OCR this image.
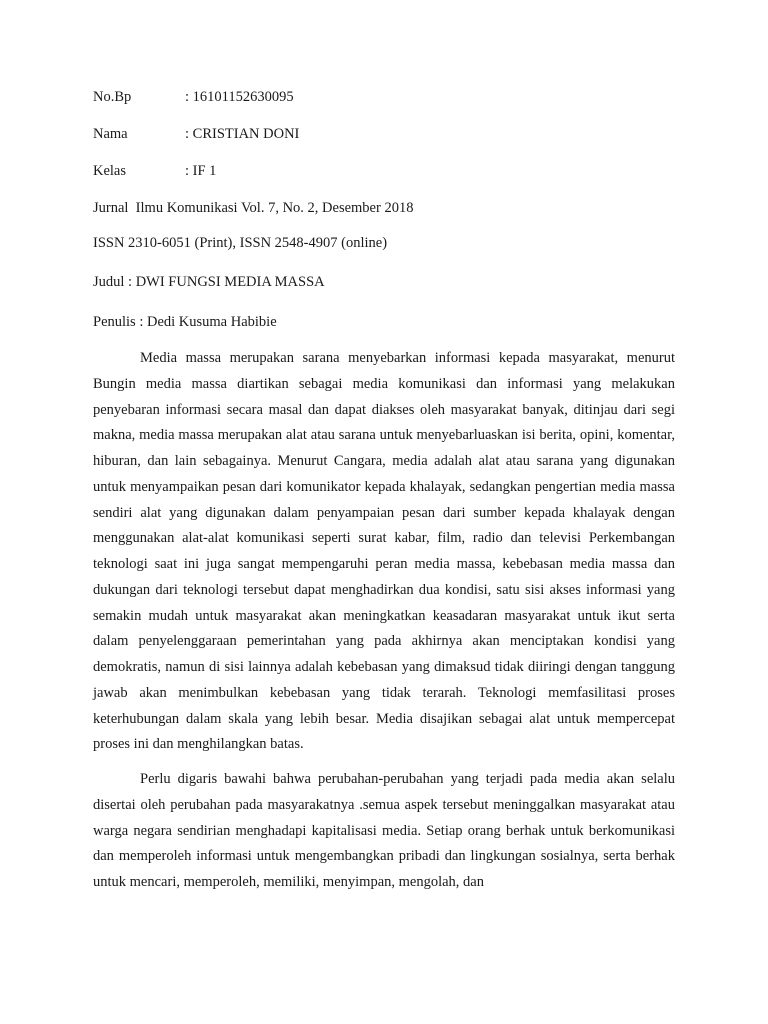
No.Bp	: 16101152630095
Nama	: CRISTIAN DONI
Kelas	: IF 1
Jurnal  Ilmu Komunikasi Vol. 7, No. 2, Desember 2018
ISSN 2310-6051 (Print), ISSN 2548-4907 (online)
Judul : DWI FUNGSI MEDIA MASSA
Penulis : Dedi Kusuma Habibie

Media massa merupakan sarana menyebarkan informasi kepada masyarakat, menurut Bungin media massa diartikan sebagai media komunikasi dan informasi yang melakukan penyebaran informasi secara masal dan dapat diakses oleh masyarakat banyak, ditinjau dari segi makna, media massa merupakan alat atau sarana untuk menyebarluaskan isi berita, opini, komentar, hiburan, dan lain sebagainya. Menurut Cangara, media adalah alat atau sarana yang digunakan untuk menyampaikan pesan dari komunikator kepada khalayak, sedangkan pengertian media massa sendiri alat yang digunakan dalam penyampaian pesan dari sumber kepada khalayak dengan menggunakan alat-alat komunikasi seperti surat kabar, film, radio dan televisi Perkembangan teknologi saat ini juga sangat mempengaruhi peran media massa, kebebasan media massa dan dukungan dari teknologi tersebut dapat menghadirkan dua kondisi, satu sisi akses informasi yang semakin mudah untuk masyarakat akan meningkatkan keasadaran masyarakat untuk ikut serta dalam penyelenggaraan pemerintahan yang pada akhirnya akan menciptakan kondisi yang demokratis, namun di sisi lainnya adalah kebebasan yang dimaksud tidak diiringi dengan tanggung jawab akan menimbulkan kebebasan yang tidak terarah. Teknologi memfasilitasi proses keterhubungan dalam skala yang lebih besar. Media disajikan sebagai alat untuk mempercepat proses ini dan menghilangkan batas.

Perlu digaris bawahi bahwa perubahan-perubahan yang terjadi pada media akan selalu disertai oleh perubahan pada masyarakatnya .semua aspek tersebut meninggalkan masyarakat atau warga negara sendirian menghadapi kapitalisasi media. Setiap orang berhak untuk berkomunikasi dan memperoleh informasi untuk mengembangkan pribadi dan lingkungan sosialnya, serta berhak untuk mencari, memperoleh, memiliki, menyimpan, mengolah, dan
